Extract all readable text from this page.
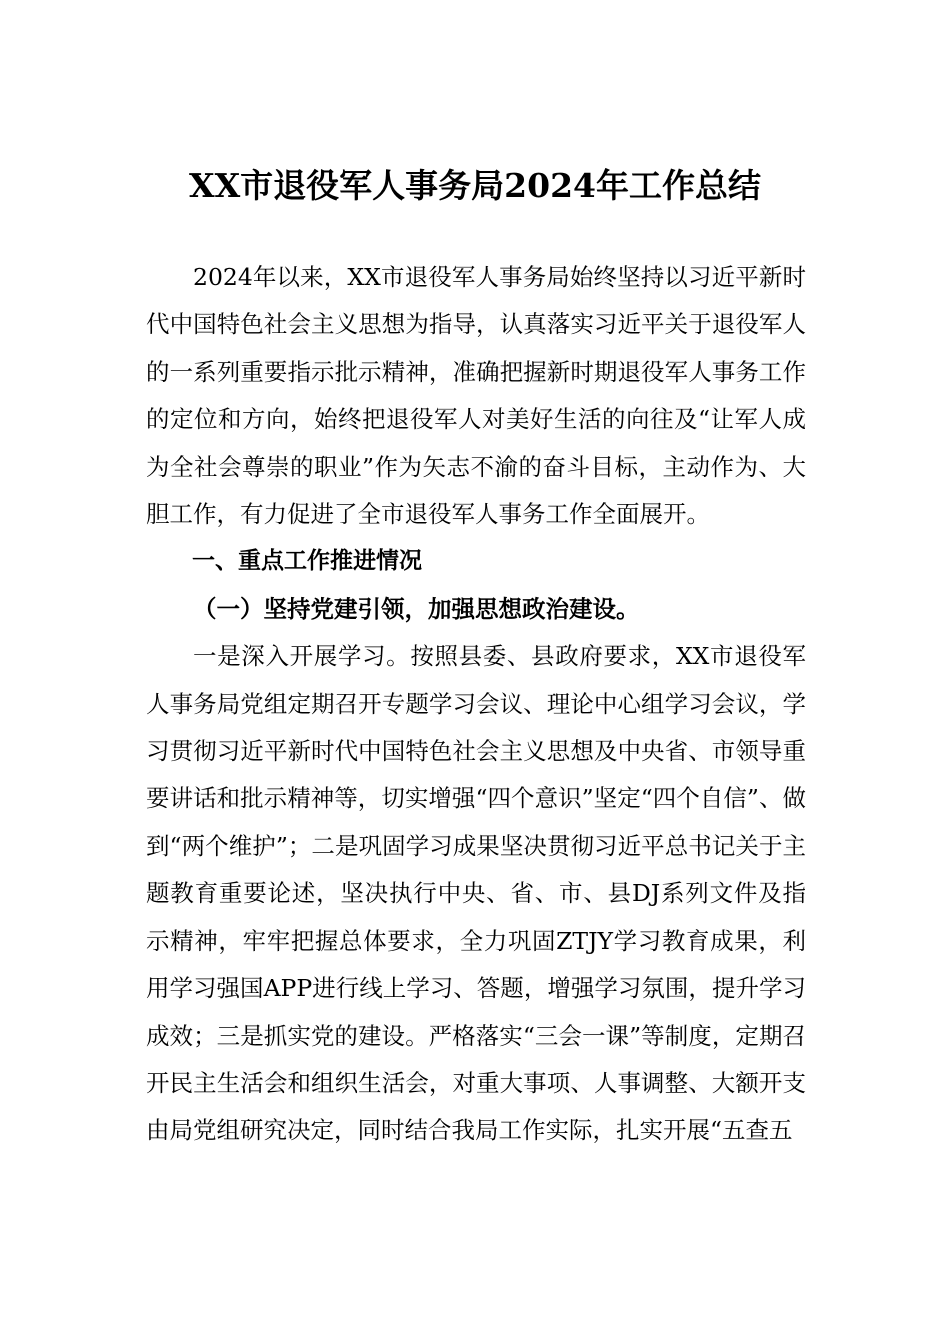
XX市退役军人事务局2024年工作总结

2024年以来，XX市退役军人事务局始终坚持以习近平新时代中国特色社会主义思想为指导，认真落实习近平关于退役军人的一系列重要指示批示精神，准确把握新时期退役军人事务工作的定位和方向，始终把退役军人对美好生活的向往及“让军人成为全社会尊崇的职业”作为矢志不渝的奋斗目标，主动作为、大胆工作，有力促进了全市退役军人事务工作全面展开。

一、重点工作推进情况

（一）坚持党建引领，加强思想政治建设。

一是深入开展学习。按照县委、县政府要求，XX市退役军人事务局党组定期召开专题学习会议、理论中心组学习会议，学习贯彻习近平新时代中国特色社会主义思想及中央省、市领导重要讲话和批示精神等，切实增强“四个意识”坚定“四个自信”、做到“两个维护”；二是巩固学习成果坚决贯彻习近平总书记关于主题教育重要论述，坚决执行中央、省、市、县DJ系列文件及指示精神，牢牢把握总体要求，全力巩固ZTJY学习教育成果，利用学习强国APP进行线上学习、答题，增强学习氛围，提升学习成效；三是抓实党的建设。严格落实“三会一课”等制度，定期召开民主生活会和组织生活会，对重大事项、人事调整、大额开支由局党组研究决定，同时结合我局工作实际，扎实开展“五查五
